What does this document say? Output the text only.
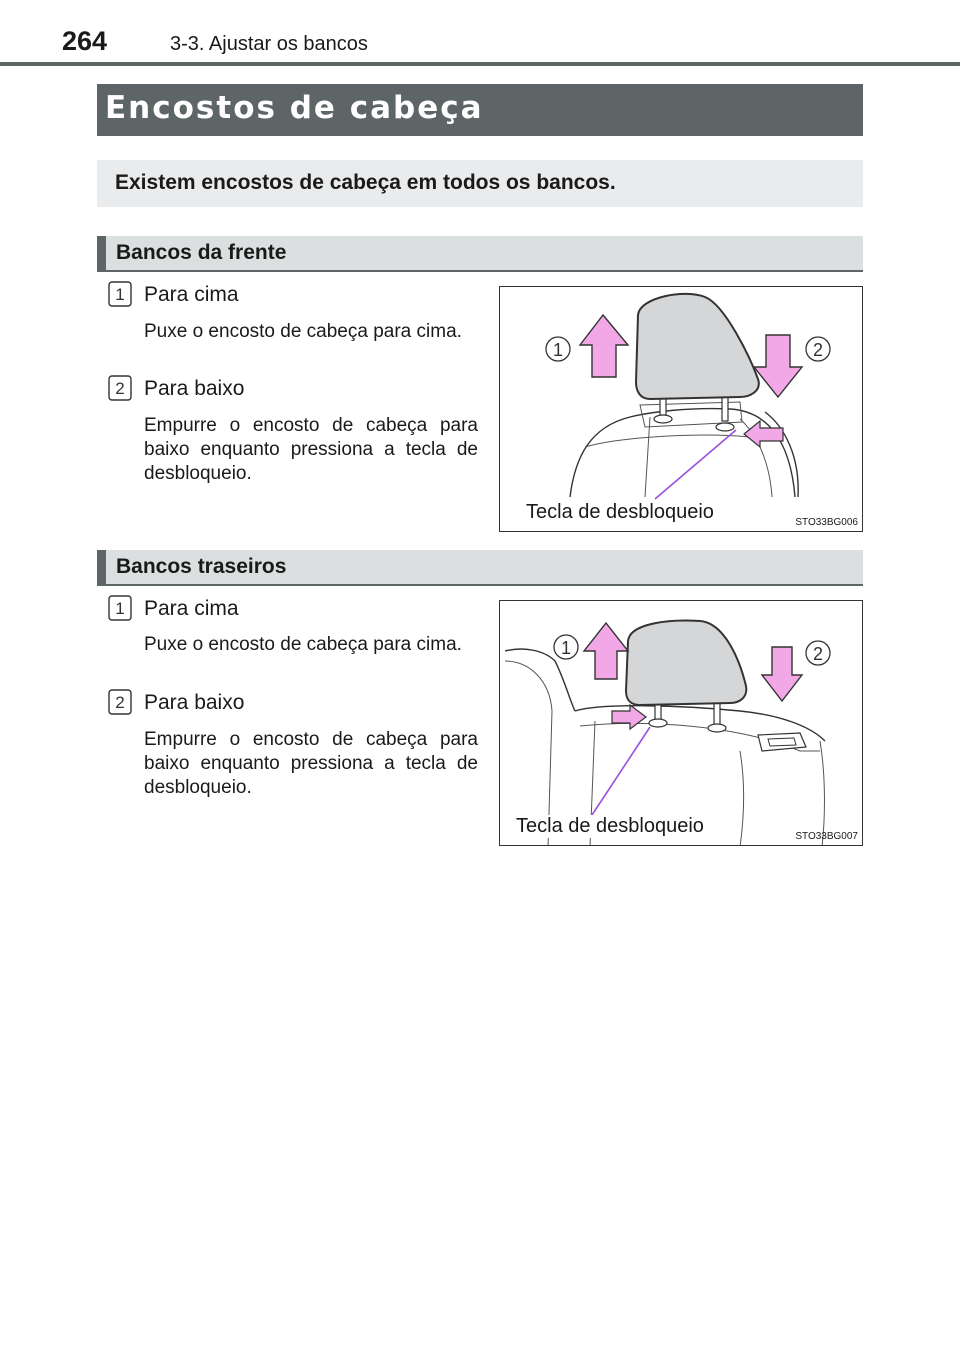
264	3-3. Ajustar os bancos
Encostos de cabeça
Existem encostos de cabeça em todos os bancos.
Bancos da frente
1 Para cima
Puxe o encosto de cabeça para cima.
2 Para baixo
Empurre o encosto de cabeça para baixo enquanto pressiona a tecla de desbloqueio.
1	2
Tecla de desbloqueio	STO33BG006
Bancos traseiros
1 Para cima
Puxe o encosto de cabeça para cima.
2 Para baixo
Empurre o encosto de cabeça para baixo enquanto pressiona a tecla de desbloqueio.
1	2
Tecla de desbloqueio	STO33BG007
